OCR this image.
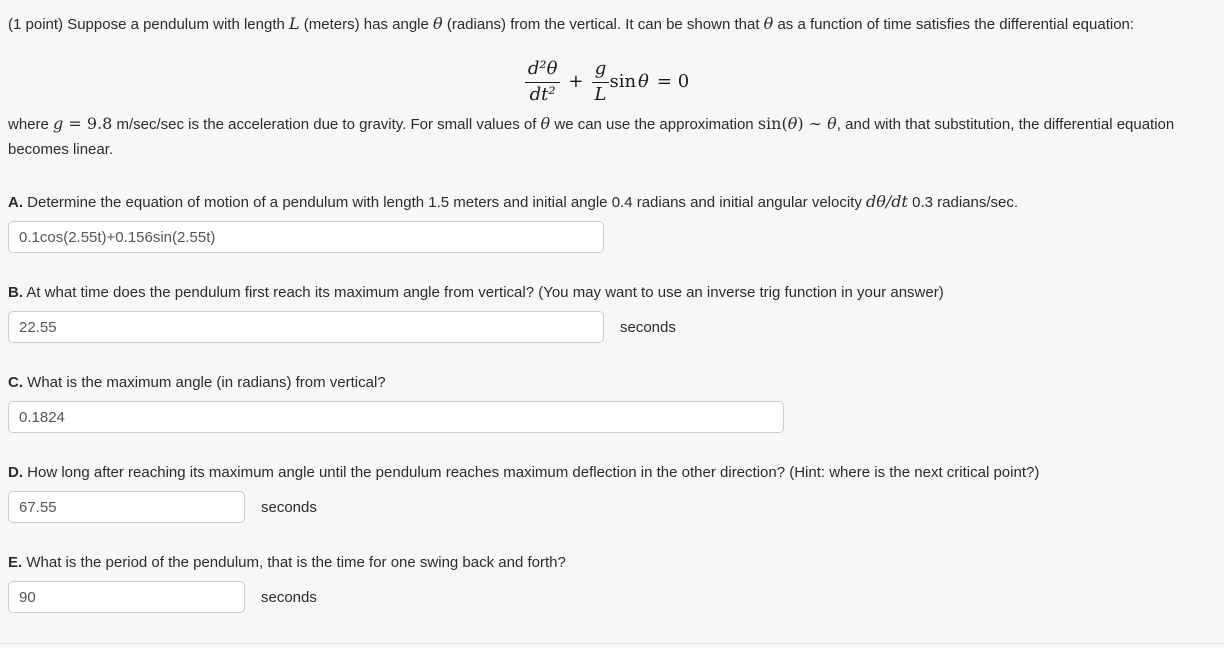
(1 point) Suppose a pendulum with length L (meters) has angle θ (radians) from the vertical. It can be shown that θ as a function of time satisfies the differential equation:

$\frac{\text{d²θ}}{\text{dt²}} + \frac{g}{L}$ sin θ = 0

where g = 9.8 m/sec/sec is the acceleration due to gravity. For small values of θ we can use the approximation sin(θ) ∼ θ, and with that substitution, the differential equation becomes linear.

A. Determine the equation of motion of a pendulum with length 1.5 meters and initial angle 0.4 radians and initial angular velocity dθ/dt 0.3 radians/sec.

0.1cos(2.55t)+0.156sin(2.55t)

B. At what time does the pendulum first reach its maximum angle from vertical? (You may want to use an inverse trig function in your answer)

22.55
seconds

C. What is the maximum angle (in radians) from vertical?

0.1824

D. How long after reaching its maximum angle until the pendulum reaches maximum deflection in the other direction? (Hint: where is the next critical point?)

67.55
seconds

E. What is the period of the pendulum, that is the time for one swing back and forth?

90
seconds
